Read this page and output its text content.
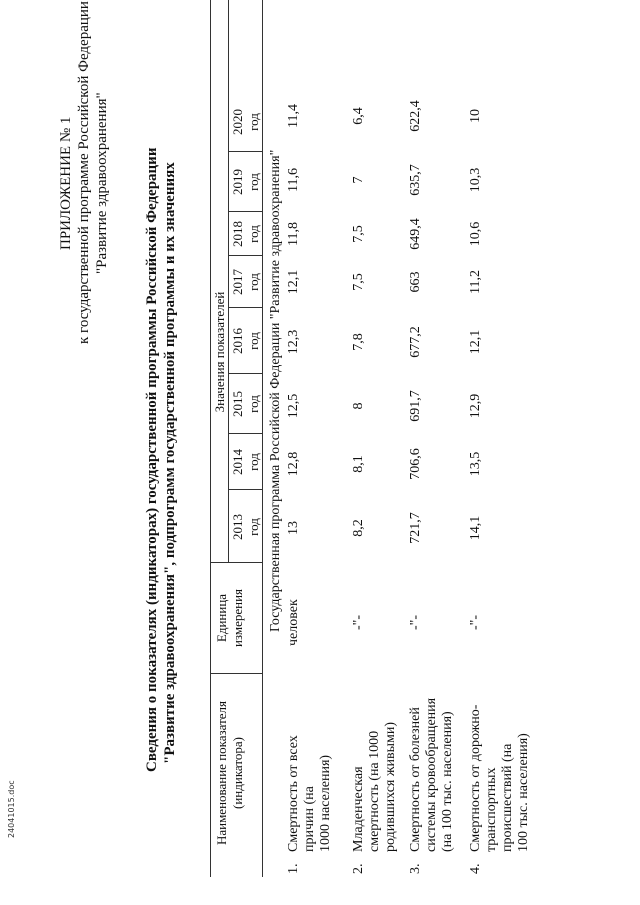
ПРИЛОЖЕНИЕ № 1 к государственной программе Российской Федерации "Развитие здравоохранения" Сведения о показателях (индикаторах) государственной программы Российской Федерации "Развитие здравоохранения", подпрограмм государственной программы и их значениях
Наименование показателя (индикатора)
Единица измерения
Значения показателей
2013 год
2014 год
2015 год
2016 год
2017 год
2018 год
2019 год
2020 год
Государственная программа Российской Федерации "Развитие здравоохранения"
1.
Смертность от всех причин (на 1000 населения)
человек
13
12,8
12,5
12,3
12,1
11,8
11,6
11,4
2.
Младенческая смертность (на 1000 родившихся живыми)
-"-
8,2
8,1
8
7,8
7,5
7,5
7
6,4
3.
Смертность от болезней системы кровообращения (на 100 тыс. населения)
-"-
721,7
706,6
691,7
677,2
663
649,4
635,7
622,4
4.
Смертность от дорожно- транспортных происшествий (на 100 тыс. населения)
-"-
14,1
13,5
12,9
12,1
11,2
10,6
10,3
10
24041015.doc
